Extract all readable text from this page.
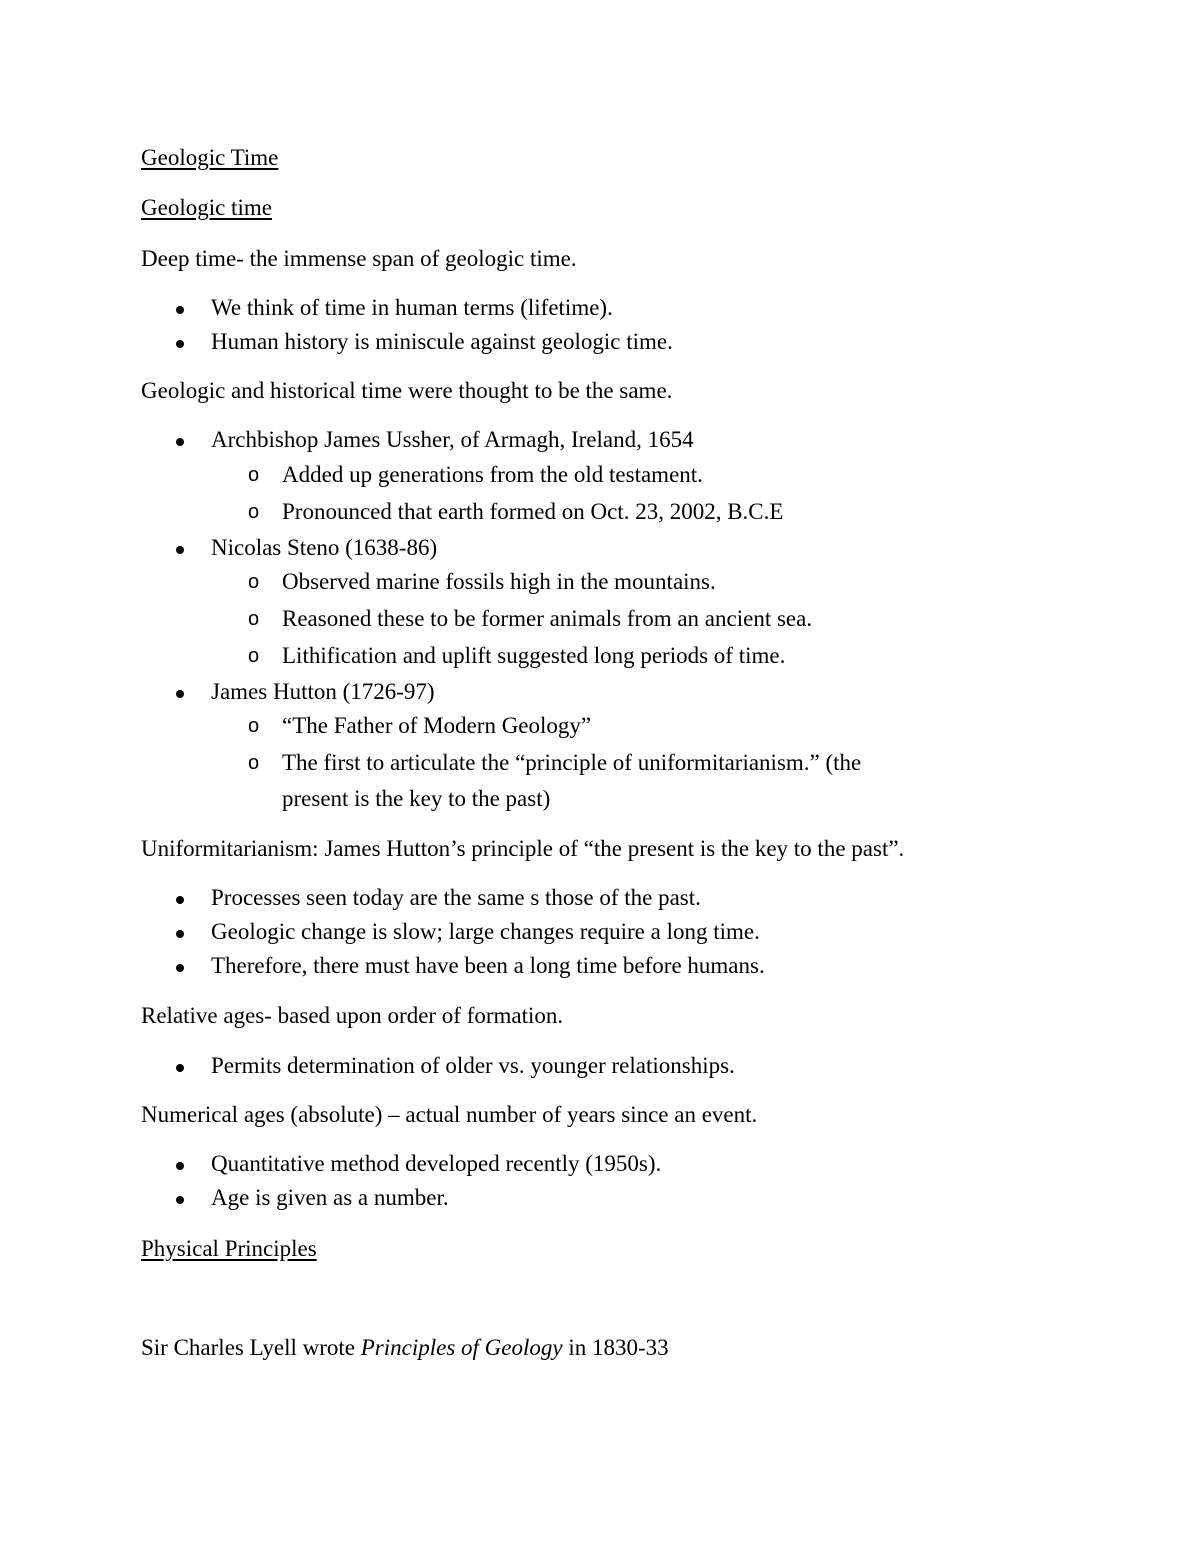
Geologic Time
Geologic time
Deep time- the immense span of geologic time.
We think of time in human terms (lifetime).
Human history is miniscule against geologic time.
Geologic and historical time were thought to be the same.
Archbishop James Ussher, of Armagh, Ireland, 1654
o Added up generations from the old testament.
o Pronounced that earth formed on Oct. 23, 2002, B.C.E
Nicolas Steno (1638-86)
o Observed marine fossils high in the mountains.
o Reasoned these to be former animals from an ancient sea.
o Lithification and uplift suggested long periods of time.
James Hutton (1726-97)
o “The Father of Modern Geology”
o The first to articulate the “principle of uniformitarianism.” (the
present is the key to the past)
Uniformitarianism: James Hutton’s principle of “the present is the key to the past”.
Processes seen today are the same s those of the past.
Geologic change is slow; large changes require a long time.
Therefore, there must have been a long time before humans.
Relative ages- based upon order of formation.
Permits determination of older vs. younger relationships.
Numerical ages (absolute) – actual number of years since an event.
Quantitative method developed recently (1950s).
Age is given as a number.
Physical Principles
Sir Charles Lyell wrote Principles of Geology in 1830-33
